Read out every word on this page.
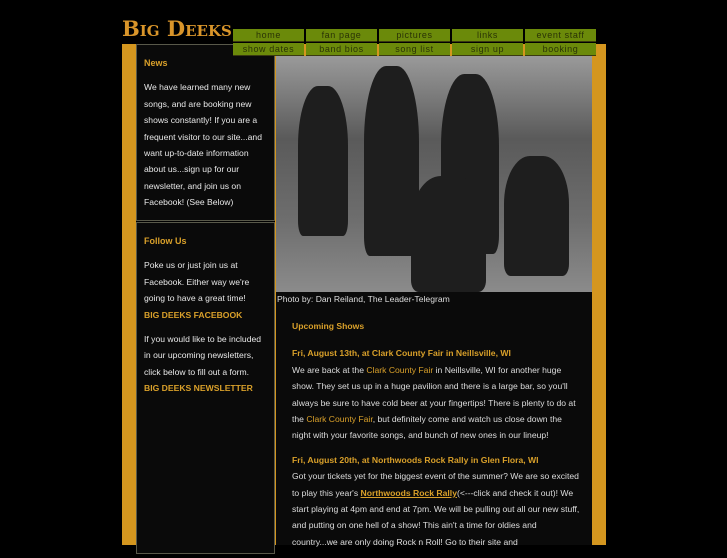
Big Deeks	home	fan page	pictures	links	event staff
show dates	band bios	song list	sign up	booking
News
We have learned many new songs, and are booking new shows constantly! If you are a frequent visitor to our site...and want up-to-date information about us...sign up for our newsletter, and join us on Facebook! (See Below)
Follow Us
Poke us or just join us at Facebook. Either way we're going to have a great time!
BIG DEEKS FACEBOOK
If you would like to be included in our upcoming newsletters, click below to fill out a form.
BIG DEEKS NEWSLETTER
Photo by: Dan Reiland, The Leader-Telegram

Upcoming Shows

Fri, August 13th, at Clark County Fair in Neillsville, WI

We are back at the Clark County Fair in Neillsville, WI for another huge show. They set us up in a huge pavilion and there is a large bar, so you'll always be sure to have cold beer at your fingertips! There is plenty to do at the Clark County Fair, but definitely come and watch us close down the night with your favorite songs, and bunch of new ones in our lineup!

Fri, August 20th, at Northwoods Rock Rally in Glen Flora, WI

Got your tickets yet for the biggest event of the summer? We are so excited to play this year's Northwoods Rock Rally(<---click and check it out)! We start playing at 4pm and end at 7pm. We will be pulling out all our new stuff, and putting on one hell of a show! This ain't a time for oldies and country...we are only doing Rock n Roll! Go to their site and
